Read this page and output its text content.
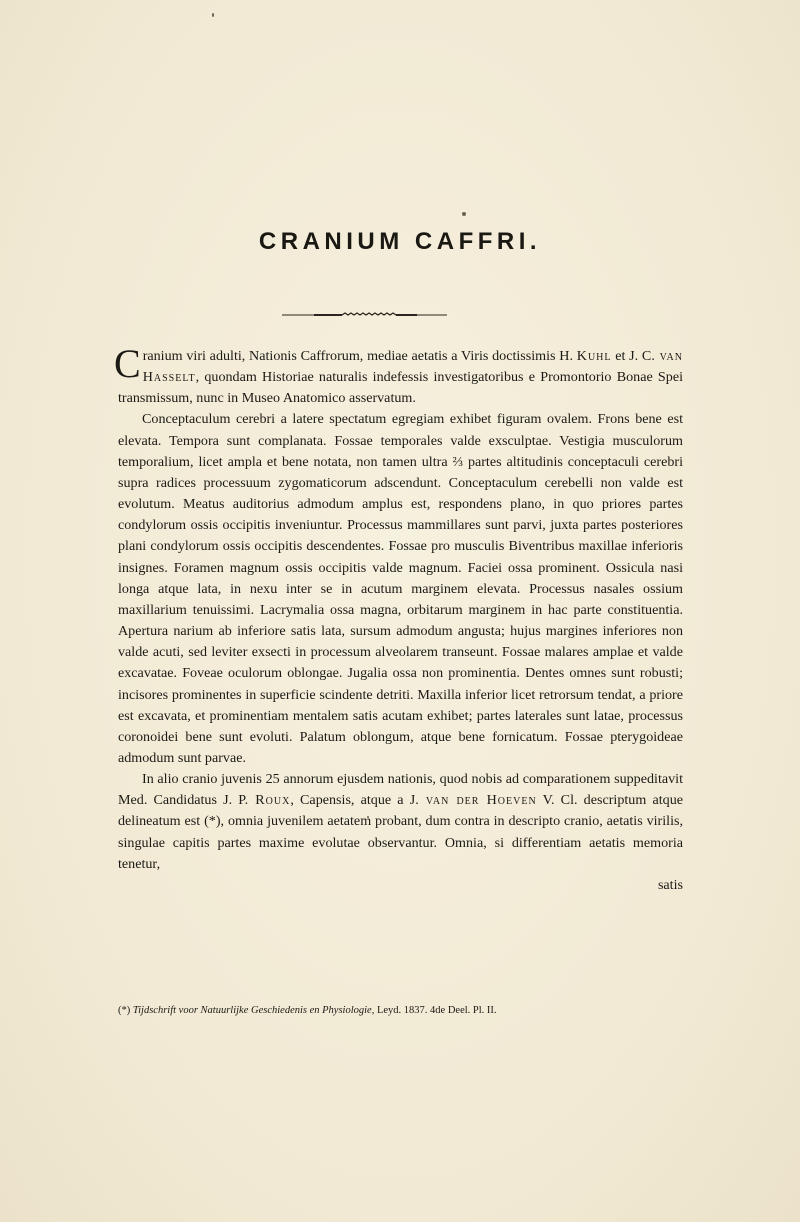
CRANIUM CAFFRI.

Cranium viri adulti, Nationis Caffrorum, mediae aetatis a Viris doctissimis H. Kuhl et J. C. van Hasselt, quondam Historiae naturalis indefessis investigatoribus e Promontorio Bonae Spei transmissum, nunc in Museo Anatomico asservatum.

Conceptaculum cerebri a latere spectatum egregiam exhibet figuram ovalem. Frons bene est elevata. Tempora sunt complanata. Fossae temporales valde exsculptae. Vestigia musculorum temporalium, licet ampla et bene notata, non tamen ultra ⅔ partes altitudinis conceptaculi cerebri supra radices processuum zygomaticorum adscendunt. Conceptaculum cerebelli non valde est evolutum. Meatus auditorius admodum amplus est, respondens plano, in quo priores partes condylorum ossis occipitis inveniuntur. Processus mammillares sunt parvi, juxta partes posteriores plani condylorum ossis occipitis descendentes. Fossae pro musculis Biventribus maxillae inferioris insignes. Foramen magnum ossis occipitis valde magnum. Faciei ossa prominent. Ossicula nasi longa atque lata, in nexu inter se in acutum marginem elevata. Processus nasales ossium maxillarium tenuissimi. Lacrymalia ossa magna, orbitarum marginem in hac parte constituentia. Apertura narium ab inferiore satis lata, sursum admodum angusta; hujus margines inferiores non valde acuti, sed leviter exsecti in processum alveolarem transeunt. Fossae malares amplae et valde excavatae. Foveae oculorum oblongae. Jugalia ossa non prominentia. Dentes omnes sunt robusti; incisores prominentes in superficie scindente detriti. Maxilla inferior licet retrorsum tendat, a priore est excavata, et prominentiam mentalem satis acutam exhibet; partes laterales sunt latae, processus coronoidei bene sunt evoluti. Palatum oblongum, atque bene fornicatum. Fossae pterygoideae admodum sunt parvae.

In alio cranio juvenis 25 annorum ejusdem nationis, quod nobis ad comparationem suppeditavit Med. Candidatus J. P. Roux, Capensis, atque a J. van der Hoeven V. Cl. descriptum atque delineatum est (*), omnia juvenilem aetatem probant, dum contra in descripto cranio, aetatis virilis, singulae capitis partes maxime evolutae observantur. Omnia, si differentiam aetatis memoria tenetur,

satis

(*) Tijdschrift voor Natuurlijke Geschiedenis en Physiologie, Leyd. 1837. 4de Deel. Pl. II.
